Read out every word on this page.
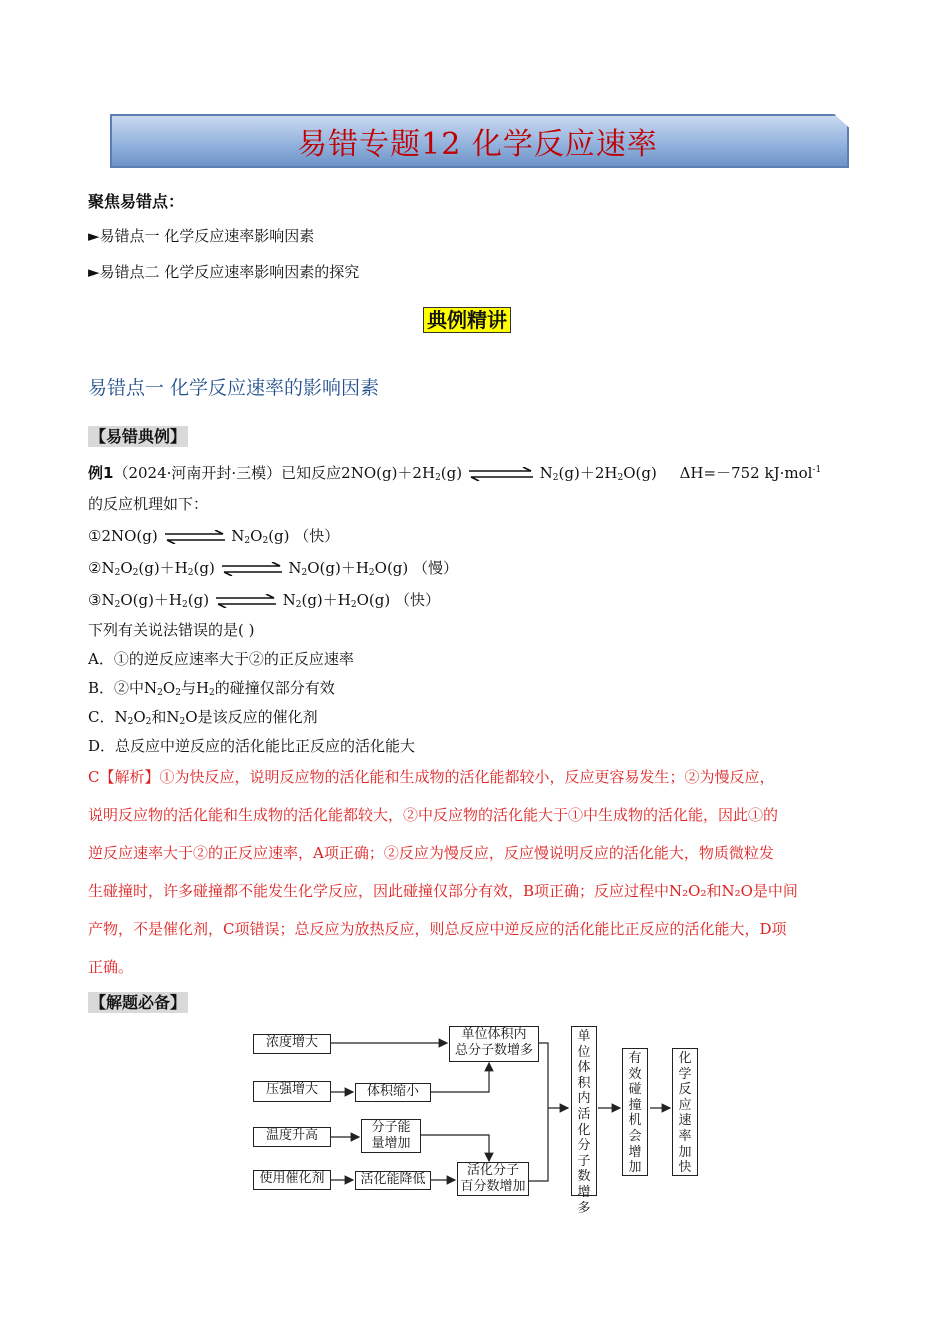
易错专题12 化学反应速率
聚焦易错点：
►易错点一 化学反应速率影响因素
►易错点二 化学反应速率影响因素的探究
典例精讲
易错点一 化学反应速率的影响因素
【易错典例】
例1（2024·河南开封·三模）已知反应$2NO(g)+2H_2(g)$	$N_2(g)+2H_2O(g)$ ΔH=－752 kJ·mol$^{-1}$
的反应机理如下：
①2NO(g)	$N_2O_2(g)$ （快）
$②N_2O_2(g)+H_2(g)$	$N_2O(g)+H_2O(g)$ （慢）
$③N_2O(g)+H_2(g)$	$N_2(g)+H_2O(g)$ （快）
下列有关说法错误的是( )
A．①的逆反应速率大于②的正反应速率
B．②中$N_2O_2$与$H_2$的碰撞仅部分有效
C．$N_2O_2$和$N_2O$是该反应的催化剂
D．总反应中逆反应的活化能比正反应的活化能大
C【解析】①为快反应，说明反应物的活化能和生成物的活化能都较小，反应更容易发生；②为慢反应，
说明反应物的活化能和生成物的活化能都较大，②中反应物的活化能大于①中生成物的活化能，因此①的
逆反应速率大于②的正反应速率，A项正确；②反应为慢反应，反应慢说明反应的活化能大，物质微粒发
生碰撞时，许多碰撞都不能发生化学反应，因此碰撞仅部分有效，B项正确；反应过程中N₂O₂和N₂O是中间
产物，不是催化剂，C项错误；总反应为放热反应，则总反应中逆反应的活化能比正反应的活化能大，D项
正确。
【解题必备】
浓度增大
压强增大
温度升高
使用催化剂
体积缩小
分子能
量增加
活化能降低
单位体积内
总分子数增多
活化分子
百分数增加
单
位
体
积
内
活
化
分
子
数
增
多
有
效
碰
撞
机
会
增
加
化
学
反
应
速
率
加
快
